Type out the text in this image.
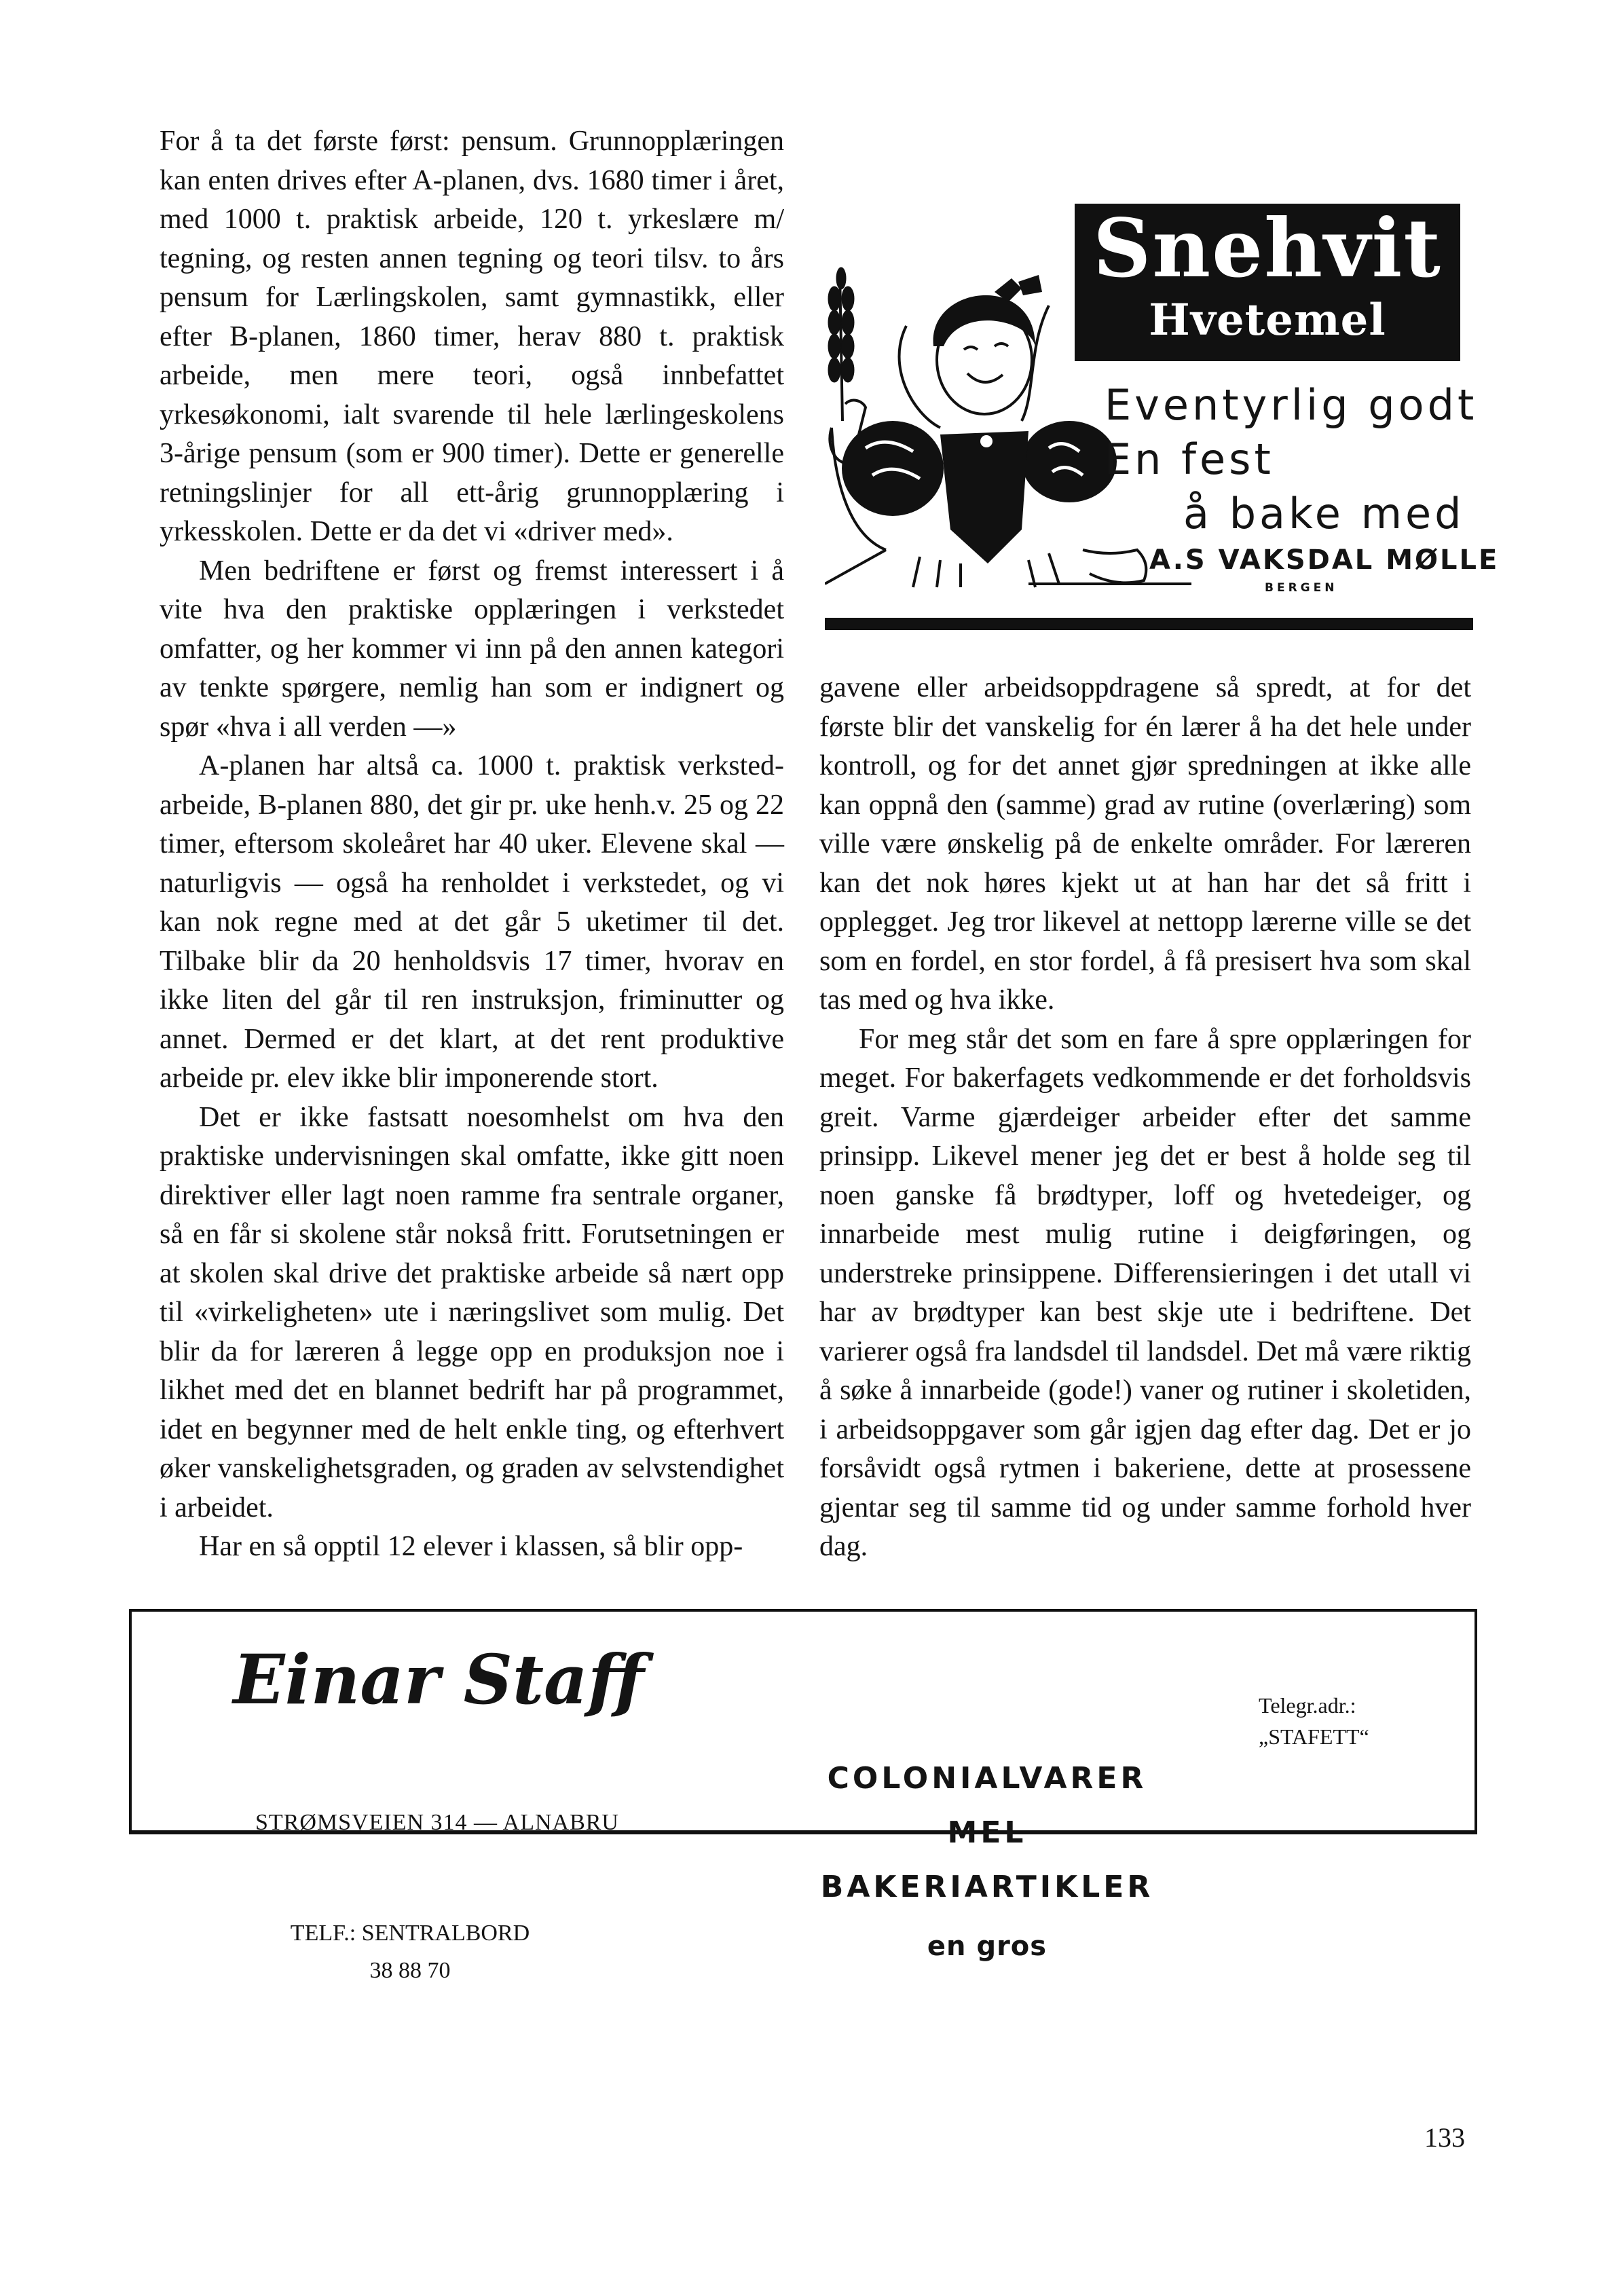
For å ta det første først: pensum. Grunnopplæringen kan enten drives efter A-planen, dvs. 1680 timer i året, med 1000 t. praktisk arbeide, 120 t. yrkeslære m/ tegning, og resten annen tegning og teori tilsv. to års pensum for Lærlingskolen, samt gymnastikk, eller efter B-planen, 1860 timer, herav 880 t. praktisk arbeide, men mere teori, også innbefattet yrkesøkonomi, ialt svarende til hele lærlingeskolens 3-årige pensum (som er 900 timer). Dette er generelle retningslinjer for all ett-årig grunnopplæring i yrkesskolen. Dette er da det vi «driver med».

Men bedriftene er først og fremst interessert i å vite hva den praktiske opplæringen i verkstedet omfatter, og her kommer vi inn på den annen kategori av tenkte spørgere, nemlig han som er indignert og spør «hva i all verden —»

A-planen har altså ca. 1000 t. praktisk verkstedarbeide, B-planen 880, det gir pr. uke henh.v. 25 og 22 timer, eftersom skoleåret har 40 uker. Elevene skal — naturligvis — også ha renholdet i verkstedet, og vi kan nok regne med at det går 5 uketimer til det. Tilbake blir da 20 henholdsvis 17 timer, hvorav en ikke liten del går til ren instruksjon, friminutter og annet. Dermed er det klart, at det rent produktive arbeide pr. elev ikke blir imponerende stort.

Det er ikke fastsatt noesomhelst om hva den praktiske undervisningen skal omfatte, ikke gitt noen direktiver eller lagt noen ramme fra sentrale organer, så en får si skolene står nokså fritt. Forutsetningen er at skolen skal drive det praktiske arbeide så nært opp til «virkeligheten» ute i næringslivet som mulig. Det blir da for læreren å legge opp en produksjon noe i likhet med det en blannet bedrift har på programmet, idet en begynner med de helt enkle ting, og efterhvert øker vanskelighetsgraden, og graden av selvstendighet i arbeidet.

Har en så opptil 12 elever i klassen, så blir opp-

Snehvit
Hvetemel
Eventyrlig godt
En fest
å bake med
A.S VAKSDAL MØLLE
BERGEN

gavene eller arbeidsoppdragene så spredt, at for det første blir det vanskelig for én lærer å ha det hele under kontroll, og for det annet gjør spredningen at ikke alle kan oppnå den (samme) grad av rutine (overlæring) som ville være ønskelig på de enkelte områder. For læreren kan det nok høres kjekt ut at han har det så fritt i opplegget. Jeg tror likevel at nettopp lærerne ville se det som en fordel, en stor fordel, å få presisert hva som skal tas med og hva ikke.

For meg står det som en fare å spre opplæringen for meget. For bakerfagets vedkommende er det forholdsvis greit. Varme gjærdeiger arbeider efter det samme prinsipp. Likevel mener jeg det er best å holde seg til noen ganske få brødtyper, loff og hvetedeiger, og innarbeide mest mulig rutine i deigføringen, og understreke prinsippene. Differensieringen i det utall vi har av brødtyper kan best skje ute i bedriftene. Det varierer også fra landsdel til landsdel. Det må være riktig å søke å innarbeide (gode!) vaner og rutiner i skoletiden, i arbeidsoppgaver som går igjen dag efter dag. Det er jo forsåvidt også rytmen i bakeriene, dette at prosessene gjentar seg til samme tid og under samme forhold hver dag.

Einar Staff
STRØMSVEIEN 314 — ALNABRU
TELF.: SENTRALBORD
38 88 70
COLONIALVARER
MEL
BAKERIARTIKLER
en gros
Telegr.adr.:
„STAFETT“
133
